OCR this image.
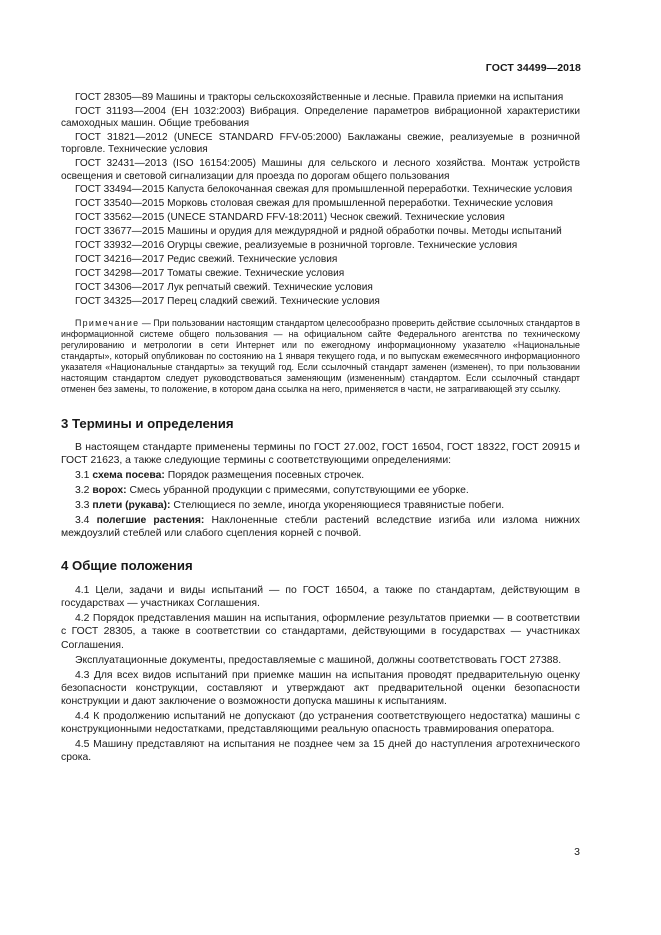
ГОСТ 34499—2018

ГОСТ 28305—89 Машины и тракторы сельскохозяйственные и лесные. Правила приемки на испытания

ГОСТ 31193—2004 (ЕН 1032:2003) Вибрация. Определение параметров вибрационной характеристики самоходных машин. Общие требования

ГОСТ 31821—2012 (UNECE STANDARD FFV-05:2000) Баклажаны свежие, реализуемые в розничной торговле. Технические условия

ГОСТ 32431—2013 (ISO 16154:2005) Машины для сельского и лесного хозяйства. Монтаж устройств освещения и световой сигнализации для проезда по дорогам общего пользования

ГОСТ 33494—2015 Капуста белокочанная свежая для промышленной переработки. Технические условия

ГОСТ 33540—2015 Морковь столовая свежая для промышленной переработки. Технические условия

ГОСТ 33562—2015 (UNECE STANDARD FFV-18:2011) Чеснок свежий. Технические условия

ГОСТ 33677—2015 Машины и орудия для междурядной и рядной обработки почвы. Методы испытаний

ГОСТ 33932—2016 Огурцы свежие, реализуемые в розничной торговле. Технические условия

ГОСТ 34216—2017 Редис свежий. Технические условия

ГОСТ 34298—2017 Томаты свежие. Технические условия

ГОСТ 34306—2017 Лук репчатый свежий. Технические условия

ГОСТ 34325—2017 Перец сладкий свежий. Технические условия

Примечание — При пользовании настоящим стандартом целесообразно проверить действие ссылочных стандартов в информационной системе общего пользования — на официальном сайте Федерального агентства по техническому регулированию и метрологии в сети Интернет или по ежегодному информационному указателю «Национальные стандарты», который опубликован по состоянию на 1 января текущего года, и по выпускам ежемесячного информационного указателя «Национальные стандарты» за текущий год. Если ссылочный стандарт заменен (изменен), то при пользовании настоящим стандартом следует руководствоваться заменяющим (измененным) стандартом. Если ссылочный стандарт отменен без замены, то положение, в котором дана ссылка на него, применяется в части, не затрагивающей эту ссылку.

3 Термины и определения

В настоящем стандарте применены термины по ГОСТ 27.002, ГОСТ 16504, ГОСТ 18322, ГОСТ 20915 и ГОСТ 21623, а также следующие термины с соответствующими определениями:

3.1 схема посева: Порядок размещения посевных строчек.

3.2 ворох: Смесь убранной продукции с примесями, сопутствующими ее уборке.

3.3 плети (рукава): Стелющиеся по земле, иногда укореняющиеся травянистые побеги.

3.4 полегшие растения: Наклоненные стебли растений вследствие изгиба или излома нижних междоузлий стеблей или слабого сцепления корней с почвой.

4 Общие положения

4.1 Цели, задачи и виды испытаний — по ГОСТ 16504, а также по стандартам, действующим в государствах — участниках Соглашения.

4.2 Порядок представления машин на испытания, оформление результатов приемки — в соответствии с ГОСТ 28305, а также в соответствии со стандартами, действующими в государствах — участниках Соглашения.

Эксплуатационные документы, предоставляемые с машиной, должны соответствовать ГОСТ 27388.

4.3 Для всех видов испытаний при приемке машин на испытания проводят предварительную оценку безопасности конструкции, составляют и утверждают акт предварительной оценки безопасности конструкции и дают заключение о возможности допуска машины к испытаниям.

4.4 К продолжению испытаний не допускают (до устранения соответствующего недостатка) машины с конструкционными недостатками, представляющими реальную опасность травмирования оператора.

4.5 Машину представляют на испытания не позднее чем за 15 дней до наступления агротехнического срока.

3
